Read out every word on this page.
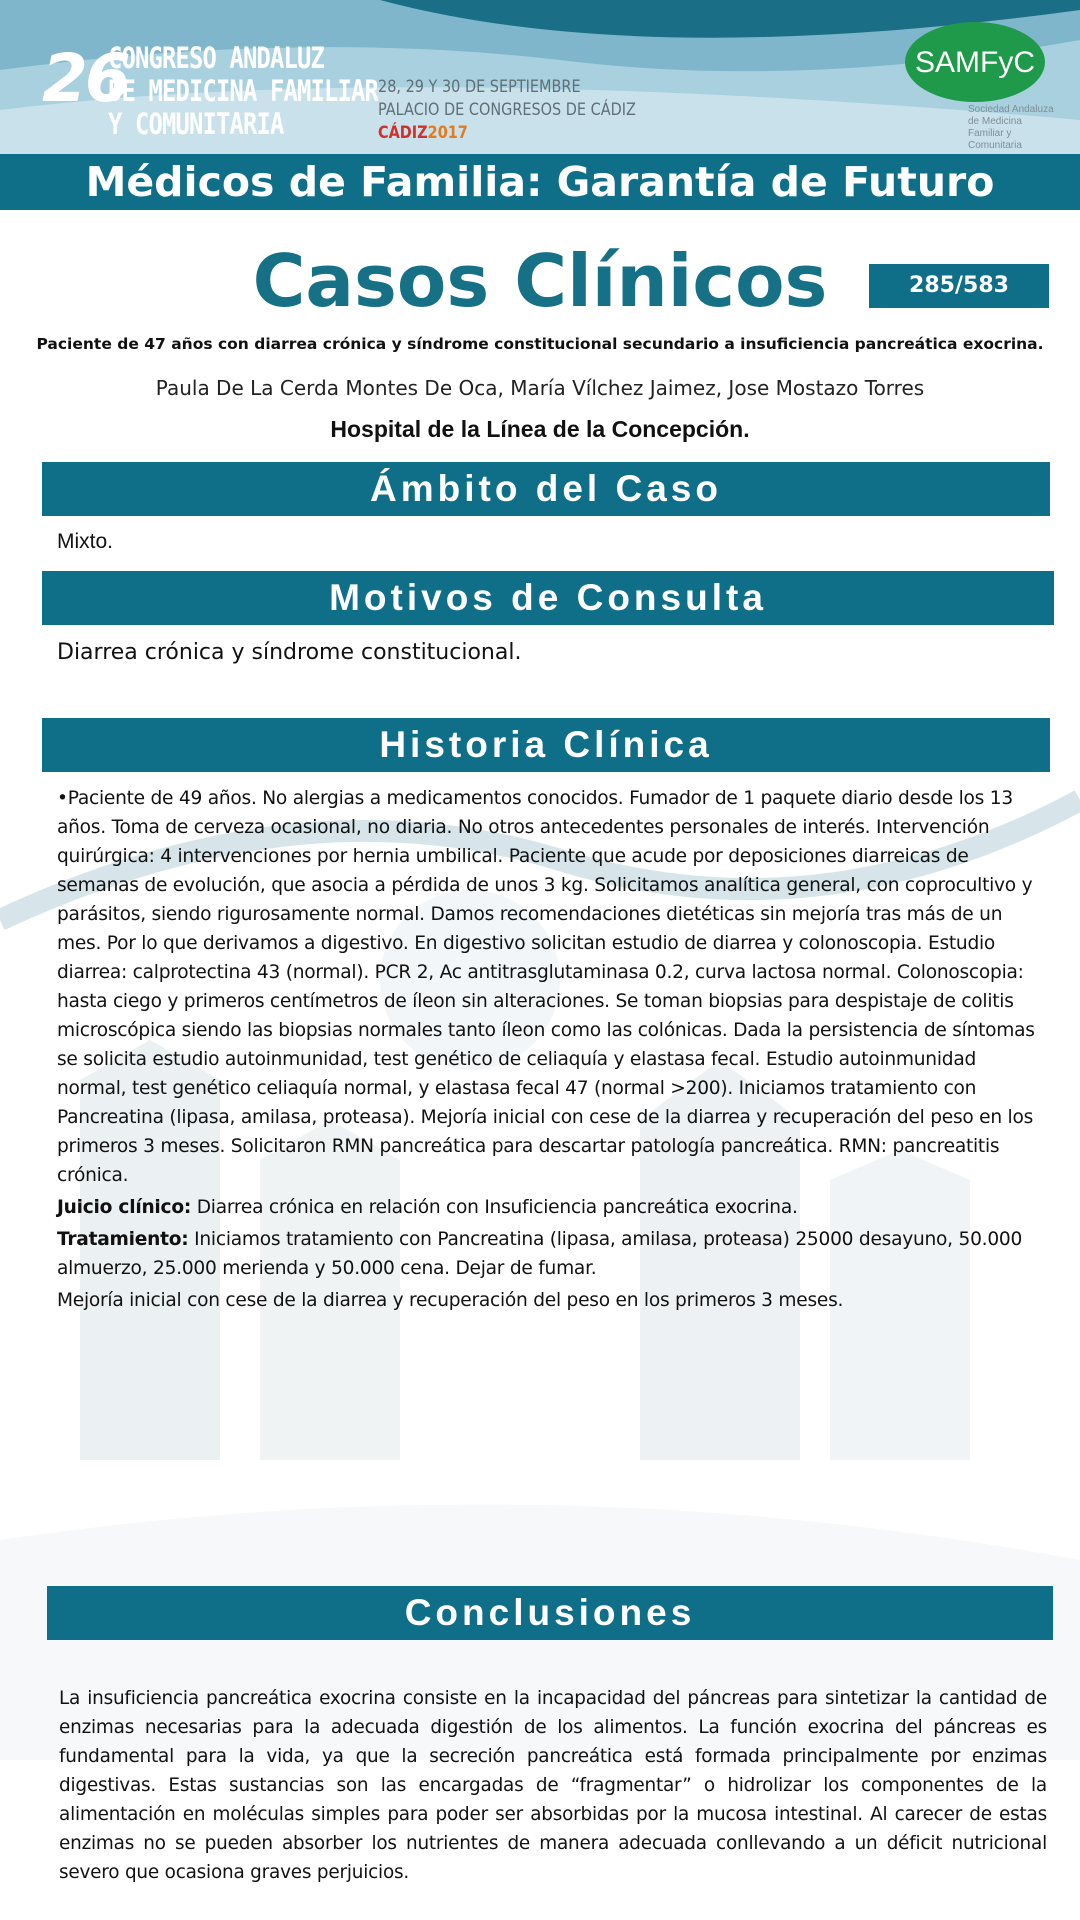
26
CONGRESO ANDALUZ
DE MEDICINA FAMILIAR
Y COMUNITARIA
28, 29 Y 30 DE SEPTIEMBRE
PALACIO DE CONGRESOS DE CÁDIZ
CÁDIZ2017
SAMFyC
Sociedad Andaluza de Medicina Familiar y Comunitaria
Médicos de Familia: Garantía de Futuro
Casos Clínicos	285/583
Paciente de 47 años con diarrea crónica y síndrome constitucional secundario a insuficiencia pancreática exocrina.
Paula De La Cerda Montes De Oca, María Vílchez Jaimez, Jose Mostazo Torres
Hospital de la Línea de la Concepción.
Ámbito del Caso
Mixto.
Motivos de Consulta
Diarrea crónica y síndrome constitucional.
Historia Clínica

•Paciente de 49 años. No alergias a medicamentos conocidos. Fumador de 1 paquete diario desde los 13 años. Toma de cerveza ocasional, no diaria. No otros antecedentes personales de interés. Intervención quirúrgica: 4 intervenciones por hernia umbilical. Paciente que acude por deposiciones diarreicas de semanas de evolución, que asocia a pérdida de unos 3 kg. Solicitamos analítica general, con coprocultivo y parásitos, siendo rigurosamente normal. Damos recomendaciones dietéticas sin mejoría tras más de un mes. Por lo que derivamos a digestivo. En digestivo solicitan estudio de diarrea y colonoscopia. Estudio diarrea: calprotectina 43 (normal). PCR 2, Ac antitrasglutaminasa 0.2, curva lactosa normal. Colonoscopia: hasta ciego y primeros centímetros de íleon sin alteraciones. Se toman biopsias para despistaje de colitis microscópica siendo las biopsias normales tanto íleon como las colónicas. Dada la persistencia de síntomas se solicita estudio autoinmunidad, test genético de celiaquía y elastasa fecal. Estudio autoinmunidad normal, test genético celiaquía normal, y elastasa fecal 47 (normal >200). Iniciamos tratamiento con Pancreatina (lipasa, amilasa, proteasa). Mejoría inicial con cese de la diarrea y recuperación del peso en los primeros 3 meses. Solicitaron RMN pancreática para descartar patología pancreática. RMN: pancreatitis crónica.

Juicio clínico: Diarrea crónica en relación con Insuficiencia pancreática exocrina.

Tratamiento: Iniciamos tratamiento con Pancreatina (lipasa, amilasa, proteasa) 25000 desayuno, 50.000 almuerzo, 25.000 merienda y 50.000 cena. Dejar de fumar.

Mejoría inicial con cese de la diarrea y recuperación del peso en los primeros 3 meses.

Conclusiones
La insuficiencia pancreática exocrina consiste en la incapacidad del páncreas para sintetizar la cantidad de enzimas necesarias para la adecuada digestión de los alimentos. La función exocrina del páncreas es fundamental para la vida, ya que la secreción pancreática está formada principalmente por enzimas digestivas. Estas sustancias son las encargadas de “fragmentar” o hidrolizar los componentes de la alimentación en moléculas simples para poder ser absorbidas por la mucosa intestinal. Al carecer de estas enzimas no se pueden absorber los nutrientes de manera adecuada conllevando a un déficit nutricional severo que ocasiona graves perjuicios.
